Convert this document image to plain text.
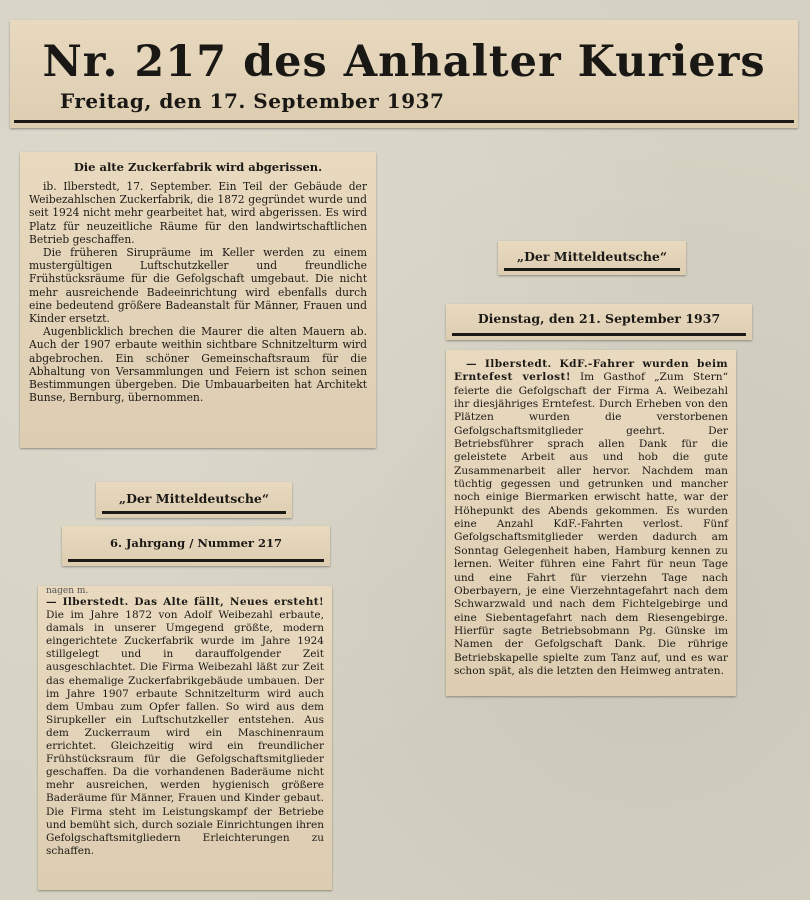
Nr. 217 des Anhalter Kuriers
Freitag, den 17. September 1937
Die alte Zuckerfabrik wird abgerissen.

ib. Ilberstedt, 17. September. Ein Teil der Gebäude der Weibezahlschen Zuckerfabrik, die 1872 gegründet wurde und seit 1924 nicht mehr gearbeitet hat, wird abgerissen. Es wird Platz für neuzeitliche Räume für den landwirtschaftlichen Betrieb geschaffen.

Die früheren Sirupräume im Keller werden zu einem mustergültigen Luftschutzkeller und freundliche Frühstücksräume für die Gefolgschaft umgebaut. Die nicht mehr ausreichende Badeeinrichtung wird ebenfalls durch eine bedeutend größere Badeanstalt für Männer, Frauen und Kinder ersetzt.

Augenblicklich brechen die Maurer die alten Mauern ab. Auch der 1907 erbaute weithin sichtbare Schnitzelturm wird abgebrochen. Ein schöner Gemeinschaftsraum für die Abhaltung von Versammlungen und Feiern ist schon seinen Bestimmungen übergeben. Die Umbauarbeiten hat Architekt Bunse, Bernburg, übernommen.

„Der Mitteldeutsche“
6. Jahrgang / Nummer 217
nagen m.

— Ilberstedt. Das Alte fällt, Neues ersteht! Die im Jahre 1872 von Adolf Weibezahl erbaute, damals in unserer Umgegend größte, modern eingerichtete Zuckerfabrik wurde im Jahre 1924 stillgelegt und in darauffolgender Zeit ausgeschlachtet. Die Firma Weibezahl läßt zur Zeit das ehemalige Zuckerfabrikgebäude umbauen. Der im Jahre 1907 erbaute Schnitzelturm wird auch dem Umbau zum Opfer fallen. So wird aus dem Sirupkeller ein Luftschutzkeller entstehen. Aus dem Zuckerraum wird ein Maschinenraum errichtet. Gleichzeitig wird ein freundlicher Frühstücksraum für die Gefolgschaftsmitglieder geschaffen. Da die vorhandenen Baderäume nicht mehr ausreichen, werden hygienisch größere Baderäume für Männer, Frauen und Kinder gebaut. Die Firma steht im Leistungskampf der Betriebe und bemüht sich, durch soziale Einrichtungen ihren Gefolgschaftsmitgliedern Erleichterungen zu schaffen.

„Der Mitteldeutsche“
Dienstag, den 21. September 1937

— Ilberstedt. KdF.-Fahrer wurden beim Erntefest verlost! Im Gasthof „Zum Stern“ feierte die Gefolgschaft der Firma A. Weibezahl ihr diesjähriges Erntefest. Durch Erheben von den Plätzen wurden die verstorbenen Gefolgschaftsmitglieder geehrt. Der Betriebsführer sprach allen Dank für die geleistete Arbeit aus und hob die gute Zusammenarbeit aller hervor. Nachdem man tüchtig gegessen und getrunken und mancher noch einige Biermarken erwischt hatte, war der Höhepunkt des Abends gekommen. Es wurden eine Anzahl KdF.-Fahrten verlost. Fünf Gefolgschaftsmitglieder werden dadurch am Sonntag Gelegenheit haben, Hamburg kennen zu lernen. Weiter führen eine Fahrt für neun Tage und eine Fahrt für vierzehn Tage nach Oberbayern, je eine Vierzehntagefahrt nach dem Schwarzwald und nach dem Fichtelgebirge und eine Siebentagefahrt nach dem Riesengebirge. Hierfür sagte Betriebsobmann Pg. Günske im Namen der Gefolgschaft Dank. Die rührige Betriebskapelle spielte zum Tanz auf, und es war schon spät, als die letzten den Heimweg antraten.
